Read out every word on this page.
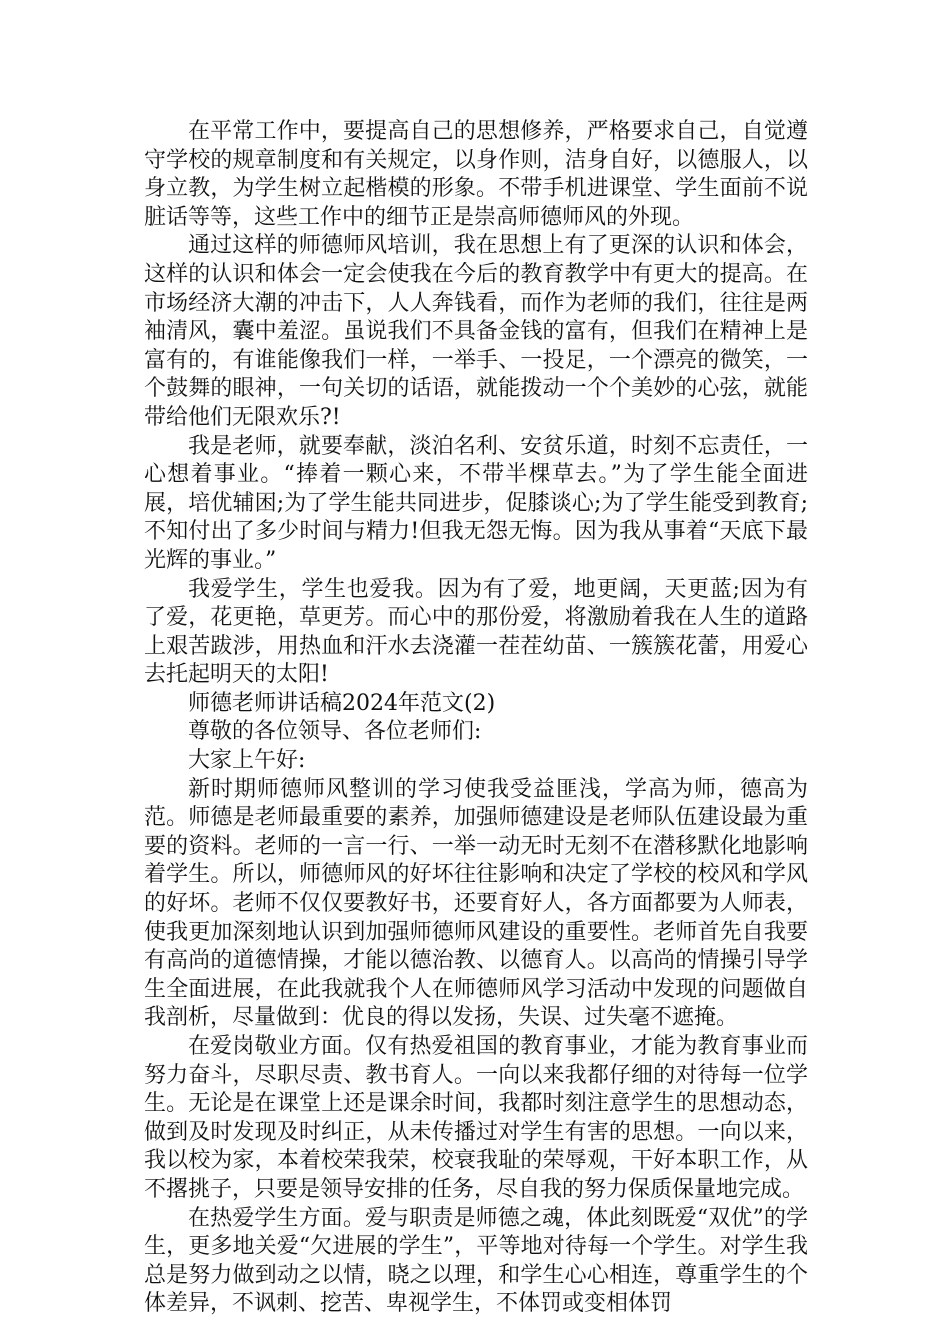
在平常工作中，要提高自己的思想修养，严格要求自己，自觉遵守学校的规章制度和有关规定，以身作则，洁身自好，以德服人，以身立教，为学生树立起楷模的形象。不带手机进课堂、学生面前不说脏话等等，这些工作中的细节正是崇高师德师风的外现。

通过这样的师德师风培训，我在思想上有了更深的认识和体会，这样的认识和体会一定会使我在今后的教育教学中有更大的提高。在市场经济大潮的冲击下，人人奔钱看，而作为老师的我们，往往是两袖清风，囊中羞涩。虽说我们不具备金钱的富有，但我们在精神上是富有的，有谁能像我们一样，一举手、一投足，一个漂亮的微笑，一个鼓舞的眼神，一句关切的话语，就能拨动一个个美妙的心弦，就能带给他们无限欢乐?!

我是老师，就要奉献，淡泊名利、安贫乐道，时刻不忘责任，一心想着事业。“捧着一颗心来，不带半棵草去。”为了学生能全面进展，培优辅困;为了学生能共同进步，促膝谈心;为了学生能受到教育;不知付出了多少时间与精力!但我无怨无悔。因为我从事着“天底下最光辉的事业。”

我爱学生，学生也爱我。因为有了爱，地更阔，天更蓝;因为有了爱，花更艳，草更芳。而心中的那份爱，将激励着我在人生的道路上艰苦跋涉，用热血和汗水去浇灌一茬茬幼苗、一簇簇花蕾，用爱心去托起明天的太阳!

师德老师讲话稿2024年范文(2)

尊敬的各位领导、各位老师们:

大家上午好:

新时期师德师风整训的学习使我受益匪浅，学高为师，德高为范。师德是老师最重要的素养，加强师德建设是老师队伍建设最为重要的资料。老师的一言一行、一举一动无时无刻不在潜移默化地影响着学生。所以，师德师风的好坏往往影响和决定了学校的校风和学风的好坏。老师不仅仅要教好书，还要育好人，各方面都要为人师表，使我更加深刻地认识到加强师德师风建设的重要性。老师首先自我要有高尚的道德情操，才能以德治教、以德育人。以高尚的情操引导学生全面进展，在此我就我个人在师德师风学习活动中发现的问题做自我剖析，尽量做到：优良的得以发扬，失误、过失毫不遮掩。

在爱岗敬业方面。仅有热爱祖国的教育事业，才能为教育事业而努力奋斗，尽职尽责、教书育人。一向以来我都仔细的对待每一位学生。无论是在课堂上还是课余时间，我都时刻注意学生的思想动态，做到及时发现及时纠正，从未传播过对学生有害的思想。一向以来，我以校为家，本着校荣我荣，校衰我耻的荣辱观，干好本职工作，从不撂挑子，只要是领导安排的任务，尽自我的努力保质保量地完成。

在热爱学生方面。爱与职责是师德之魂，体此刻既爱“双优”的学生，更多地关爱“欠进展的学生”，平等地对待每一个学生。对学生我总是努力做到动之以情，晓之以理，和学生心心相连，尊重学生的个体差异，不讽刺、挖苦、卑视学生，不体罚或变相体罚
